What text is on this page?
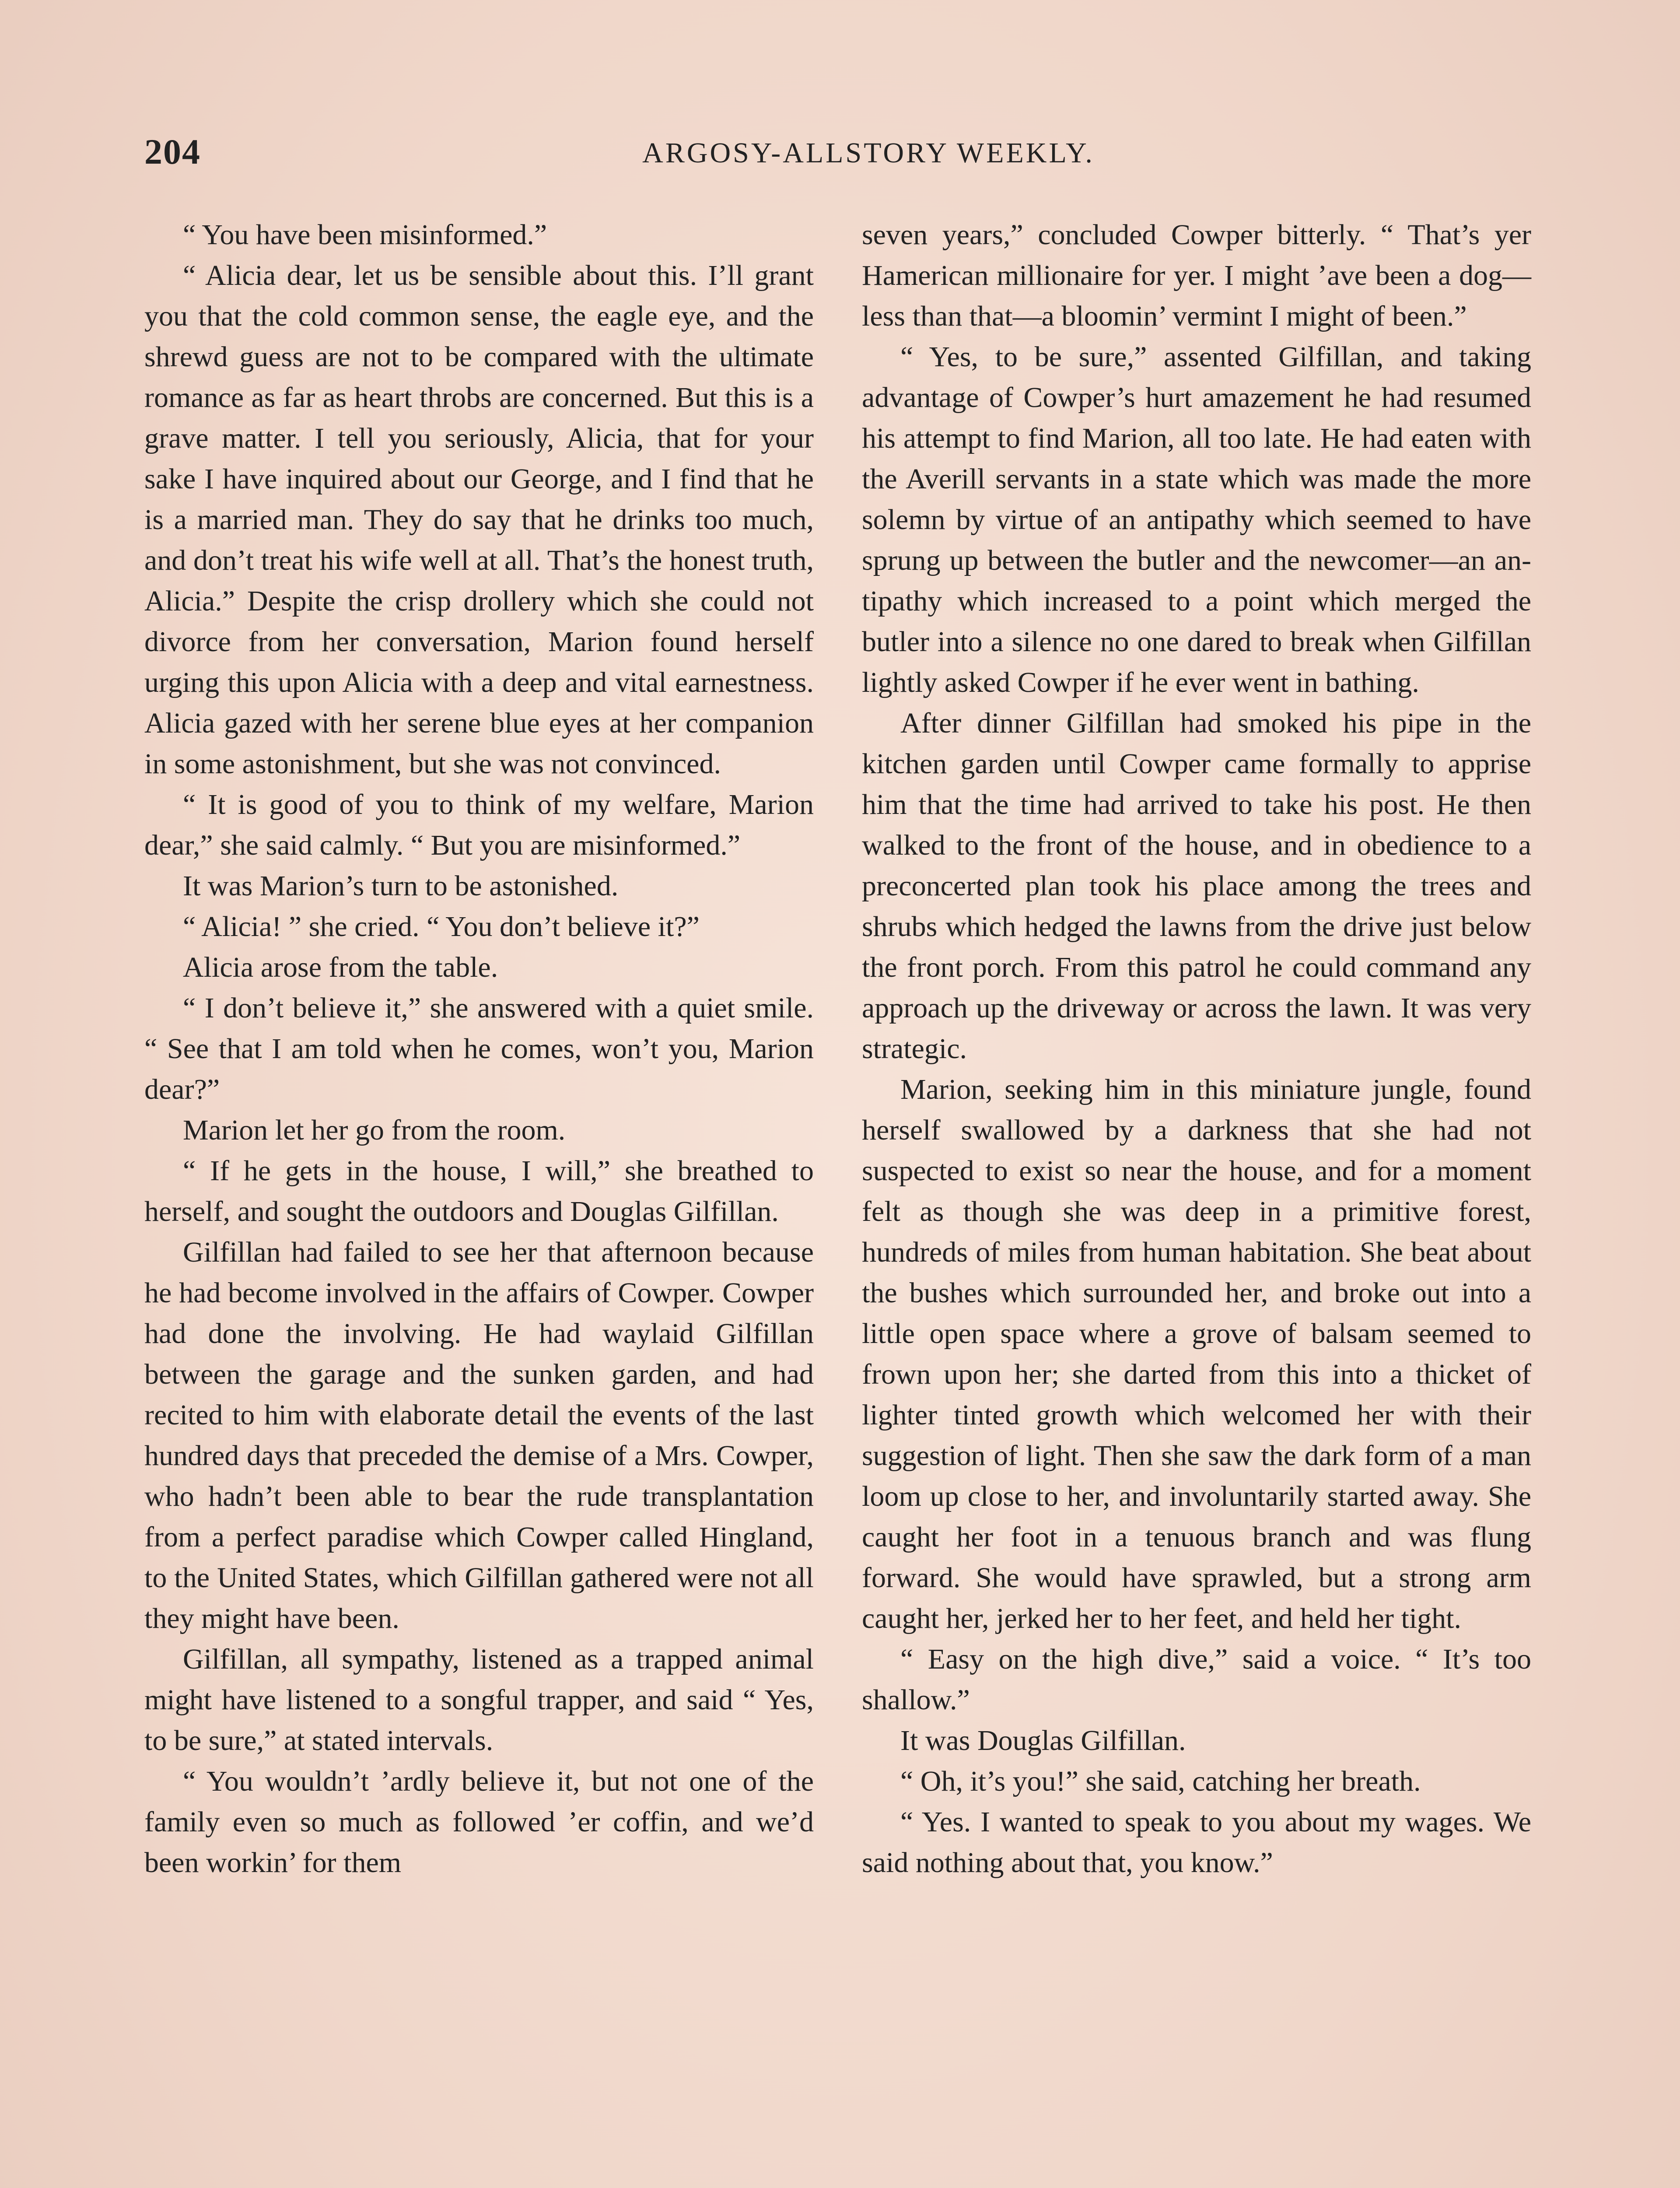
204	ARGOSY-ALLSTORY WEEKLY.

“ You have been misinformed.”

“ Alicia dear, let us be sensible about this. I’ll grant you that the cold common sense, the eagle eye, and the shrewd guess are not to be compared with the ultimate romance as far as heart throbs are concerned. But this is a grave matter. I tell you seriously, Alicia, that for your sake I have inquired about our George, and I find that he is a married man. They do say that he drinks too much, and don’t treat his wife well at all. That’s the honest truth, Alicia.” Despite the crisp drollery which she could not divorce from her conversation, Marion found herself urging this upon Alicia with a deep and vital earnestness. Alicia gazed with her serene blue eyes at her companion in some astonishment, but she was not convinced.

“ It is good of you to think of my welfare, Marion dear,” she said calmly. “ But you are misinformed.”

It was Marion’s turn to be astonished.

“ Alicia! ” she cried. “ You don’t believe it?”

Alicia arose from the table.

“ I don’t believe it,” she answered with a quiet smile. “ See that I am told when he comes, won’t you, Marion dear?”

Marion let her go from the room.

“ If he gets in the house, I will,” she breathed to herself, and sought the outdoors and Douglas Gilfillan.

Gilfillan had failed to see her that afternoon because he had become involved in the affairs of Cowper. Cowper had done the involving. He had waylaid Gilfillan between the garage and the sunken garden, and had recited to him with elaborate detail the events of the last hundred days that preceded the demise of a Mrs. Cowper, who hadn’t been able to bear the rude transplantation from a perfect paradise which Cowper called Hingland, to the United States, which Gilfillan gathered were not all they might have been.

Gilfillan, all sympathy, listened as a trapped animal might have listened to a songful trapper, and said “ Yes, to be sure,” at stated intervals.

“ You wouldn’t ’ardly believe it, but not one of the family even so much as followed ’er coffin, and we’d been workin’ for them

seven years,” concluded Cowper bitterly. “ That’s yer Hamerican millionaire for yer. I might ’ave been a dog—less than that—a bloomin’ vermint I might of been.”

“ Yes, to be sure,” assented Gilfillan, and taking advantage of Cowper’s hurt amazement he had resumed his attempt to find Marion, all too late. He had eaten with the Averill servants in a state which was made the more solemn by virtue of an antipathy which seemed to have sprung up between the butler and the newcomer—an antipathy which increased to a point which merged the butler into a silence no one dared to break when Gilfillan lightly asked Cowper if he ever went in bathing.

After dinner Gilfillan had smoked his pipe in the kitchen garden until Cowper came formally to apprise him that the time had arrived to take his post. He then walked to the front of the house, and in obedience to a preconcerted plan took his place among the trees and shrubs which hedged the lawns from the drive just below the front porch. From this patrol he could command any approach up the driveway or across the lawn. It was very strategic.

Marion, seeking him in this miniature jungle, found herself swallowed by a darkness that she had not suspected to exist so near the house, and for a moment felt as though she was deep in a primitive forest, hundreds of miles from human habitation. She beat about the bushes which surrounded her, and broke out into a little open space where a grove of balsam seemed to frown upon her; she darted from this into a thicket of lighter tinted growth which welcomed her with their suggestion of light. Then she saw the dark form of a man loom up close to her, and involuntarily started away. She caught her foot in a tenuous branch and was flung forward. She would have sprawled, but a strong arm caught her, jerked her to her feet, and held her tight.

“ Easy on the high dive,” said a voice. “ It’s too shallow.”

It was Douglas Gilfillan.

“ Oh, it’s you!” she said, catching her breath.

“ Yes. I wanted to speak to you about my wages. We said nothing about that, you know.”
